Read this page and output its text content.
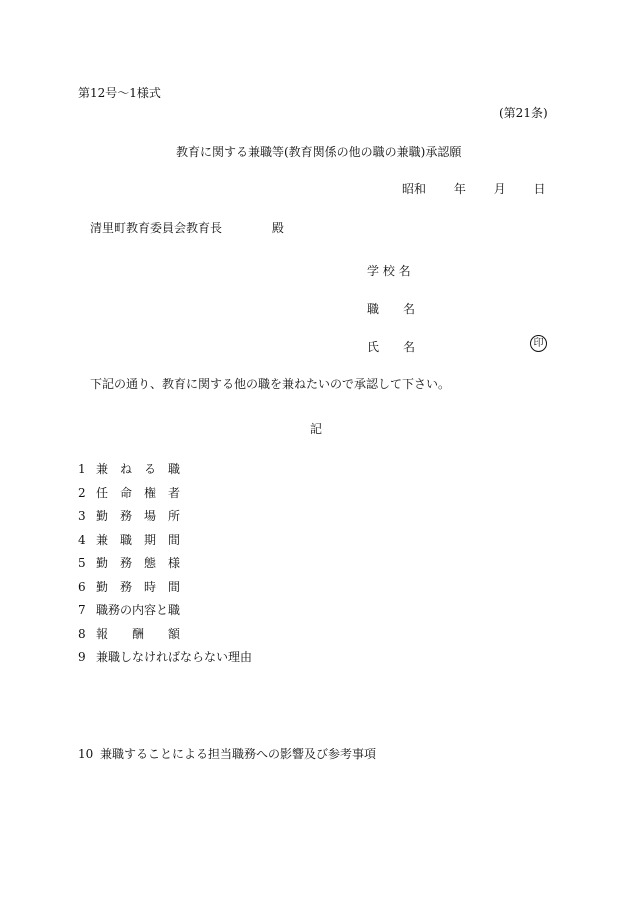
第12号〜1様式
(第21条)
教育に関する兼職等(教育関係の他の職の兼職)承認願
昭和 年 月 日
清里町教育委員会教育長	殿
学 校 名
職　　名
氏　　名	印
下記の通り、教育に関する他の職を兼ねたいので承認して下さい。
記
1 兼　ね　る　職
2 任　命　権　者
3 勤　務　場　所
4 兼　職　期　間
5 勤　務　態　様
6 勤　務　時　間
7 職務の内容と職
8 報　　酬　　額
9 兼職しなければならない理由
10 兼職することによる担当職務への影響及び参考事項
